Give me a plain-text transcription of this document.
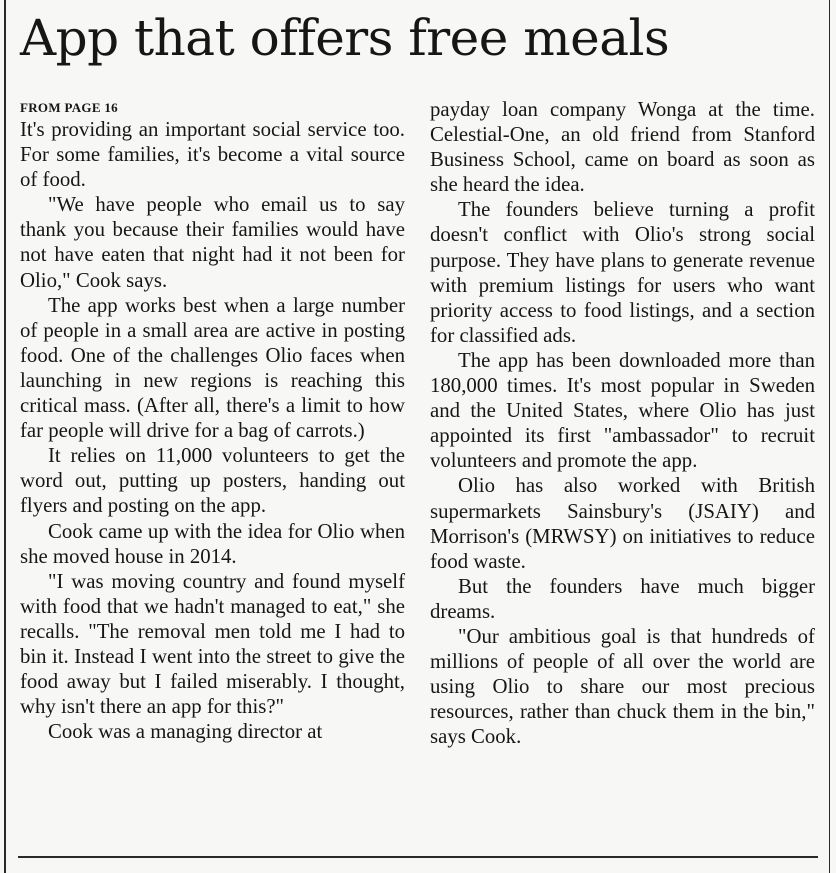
App that offers free meals
FROM PAGE 16

It's providing an important social service too. For some families, it's become a vital source of food.

"We have people who email us to say thank you because their families would have not have eaten that night had it not been for Olio," Cook says.

The app works best when a large number of people in a small area are active in posting food. One of the challenges Olio faces when launching in new regions is reaching this critical mass. (After all, there's a limit to how far people will drive for a bag of carrots.)

It relies on 11,000 volunteers to get the word out, putting up posters, handing out flyers and posting on the app.

Cook came up with the idea for Olio when she moved house in 2014.

"I was moving country and found myself with food that we hadn't managed to eat," she recalls. "The removal men told me I had to bin it. Instead I went into the street to give the food away but I failed miserably. I thought, why isn't there an app for this?"

Cook was a managing director at

payday loan company Wonga at the time. Celestial-One, an old friend from Stanford Business School, came on board as soon as she heard the idea.

The founders believe turning a profit doesn't conflict with Olio's strong social purpose. They have plans to generate revenue with premium listings for users who want priority access to food listings, and a section for classified ads.

The app has been downloaded more than 180,000 times. It's most popular in Sweden and the United States, where Olio has just appointed its first "ambassador" to recruit volunteers and promote the app.

Olio has also worked with British supermarkets Sainsbury's (JSAIY) and Morrison's (MRWSY) on initiatives to reduce food waste.

But the founders have much bigger dreams.

"Our ambitious goal is that hundreds of millions of people of all over the world are using Olio to share our most precious resources, rather than chuck them in the bin," says Cook.
